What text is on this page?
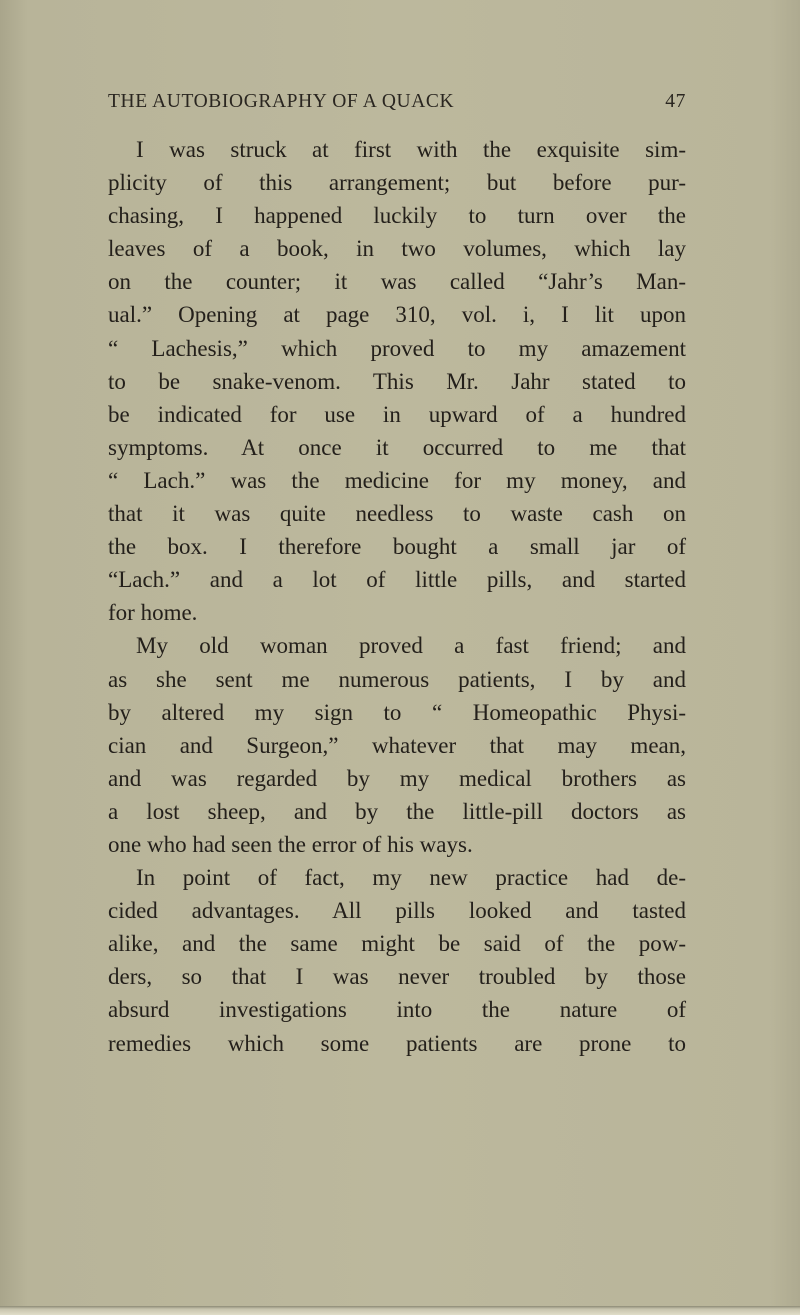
THE AUTOBIOGRAPHY OF A QUACK	47
I was struck at first with the exquisite sim-
plicity of this arrangement; but before pur-
chasing, I happened luckily to turn over the
leaves of a book, in two volumes, which lay
on the counter; it was called “Jahr’s Man-
ual.” Opening at page 310, vol. i, I lit upon
“ Lachesis,” which proved to my amazement
to be snake-venom. This Mr. Jahr stated to
be indicated for use in upward of a hundred
symptoms. At once it occurred to me that
“ Lach.” was the medicine for my money, and
that it was quite needless to waste cash on
the box. I therefore bought a small jar of
“Lach.” and a lot of little pills, and started
for home.
My old woman proved a fast friend; and
as she sent me numerous patients, I by and
by altered my sign to “ Homeopathic Physi-
cian and Surgeon,” whatever that may mean,
and was regarded by my medical brothers as
a lost sheep, and by the little-pill doctors as
one who had seen the error of his ways.
In point of fact, my new practice had de-
cided advantages. All pills looked and tasted
alike, and the same might be said of the pow-
ders, so that I was never troubled by those
absurd investigations into the nature of
remedies which some patients are prone to
